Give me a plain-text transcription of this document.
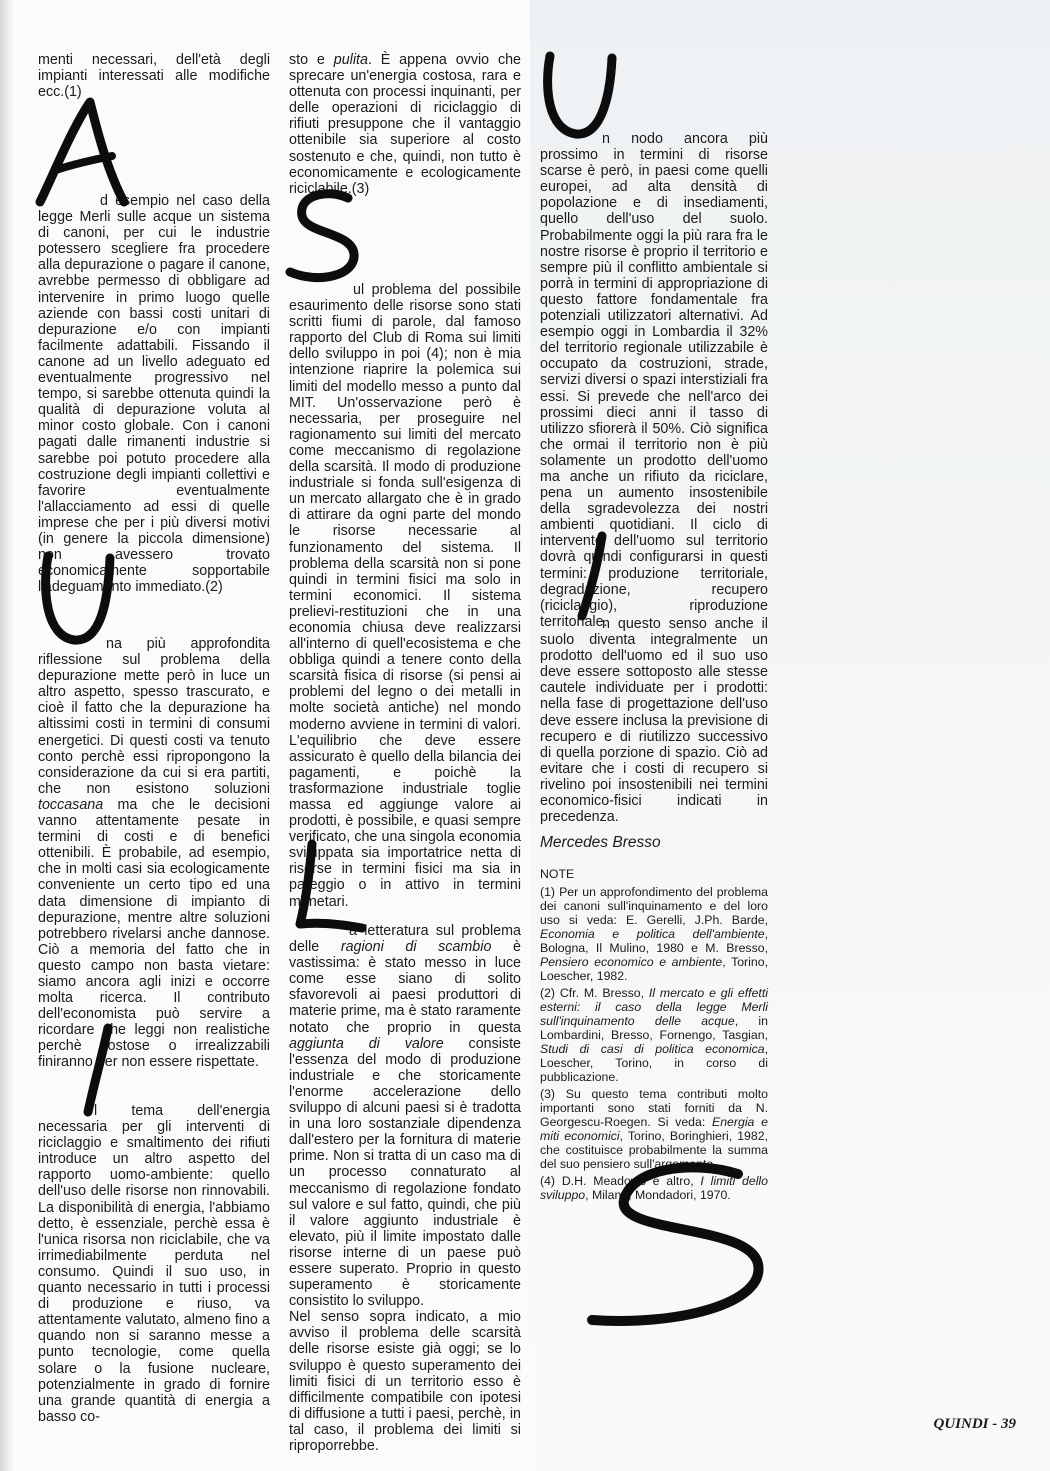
menti necessari, dell'età degli impianti interessati alle modifiche ecc.(1)

d esempio nel caso della legge Merli sulle acque un sistema di canoni, per cui le industrie potessero scegliere fra procedere alla depurazione o pagare il canone, avrebbe permesso di obbligare ad intervenire in primo luogo quelle aziende con bassi costi unitari di depurazione e/o con impianti facilmente adattabili. Fissando il canone ad un livello adeguato ed eventualmente progressivo nel tempo, si sarebbe ottenuta quindi la qualità di depurazione voluta al minor costo globale. Con i canoni pagati dalle rimanenti industrie si sarebbe poi potuto procedere alla costruzione degli impianti collettivi e favorire eventualmente l'allacciamento ad essi di quelle imprese che per i più diversi motivi (in genere la piccola dimensione) non avessero trovato economicamente sopportabile l'adeguamento immediato.(2)

na più approfondita riflessione sul problema della depurazione mette però in luce un altro aspetto, spesso trascurato, e cioè il fatto che la depurazione ha altissimi costi in termini di consumi energetici. Di questi costi va tenuto conto perchè essi ripropongono la considerazione da cui si era partiti, che non esistono soluzioni toccasana ma che le decisioni vanno attentamente pesate in termini di costi e di benefici ottenibili. È probabile, ad esempio, che in molti casi sia ecologicamente conveniente un certo tipo ed una data dimensione di impianto di depurazione, mentre altre soluzioni potrebbero rivelarsi anche dannose. Ciò a memoria del fatto che in questo campo non basta vietare: siamo ancora agli inizi e occorre molta ricerca. Il contributo dell'economista può servire a ricordare che leggi non realistiche perchè costose o irrealizzabili finiranno per non essere rispettate.

l tema dell'energia necessaria per gli interventi di riciclaggio e smaltimento dei rifiuti introduce un altro aspetto del rapporto uomo-ambiente: quello dell'uso delle risorse non rinnovabili. La disponibilità di energia, l'abbiamo detto, è essenziale, perchè essa è l'unica risorsa non riciclabile, che va irrimediabilmente perduta nel consumo. Quindi il suo uso, in quanto necessario in tutti i processi di produzione e riuso, va attentamente valutato, almeno fino a quando non si saranno messe a punto tecnologie, come quella solare o la fusione nucleare, potenzialmente in grado di fornire una grande quantità di energia a basso co-

sto e pulita. È appena ovvio che sprecare un'energia costosa, rara e ottenuta con processi inquinanti, per delle operazioni di riciclaggio di rifiuti presuppone che il vantaggio ottenibile sia superiore al costo sostenuto e che, quindi, non tutto è economicamente e ecologicamente riciclabile.(3)

ul problema del possibile esaurimento delle risorse sono stati scritti fiumi di parole, dal famoso rapporto del Club di Roma sui limiti dello sviluppo in poi (4); non è mia intenzione riaprire la polemica sui limiti del modello messo a punto dal MIT. Un'osservazione però è necessaria, per proseguire nel ragionamento sui limiti del mercato come meccanismo di regolazione della scarsità. Il modo di produzione industriale si fonda sull'esigenza di un mercato allargato che è in grado di attirare da ogni parte del mondo le risorse necessarie al funzionamento del sistema. Il problema della scarsità non si pone quindi in termini fisici ma solo in termini economici. Il sistema prelievi-restituzioni che in una economia chiusa deve realizzarsi all'interno di quell'ecosistema e che obbliga quindi a tenere conto della scarsità fisica di risorse (si pensi ai problemi del legno o dei metalli in molte società antiche) nel mondo moderno avviene in termini di valori. L'equilibrio che deve essere assicurato è quello della bilancia dei pagamenti, e poichè la trasformazione industriale toglie massa ed aggiunge valore ai prodotti, è possibile, e quasi sempre verificato, che una singola economia sviluppata sia importatrice netta di risorse in termini fisici ma sia in pareggio o in attivo in termini monetari.

a letteratura sul problema delle ragioni di scambio è vastissima: è stato messo in luce come esse siano di solito sfavorevoli ai paesi produttori di materie prime, ma è stato raramente notato che proprio in questa aggiunta di valore consiste l'essenza del modo di produzione industriale e che storicamente l'enorme accelerazione dello sviluppo di alcuni paesi si è tradotta in una loro sostanziale dipendenza dall'estero per la fornitura di materie prime. Non si tratta di un caso ma di un processo connaturato al meccanismo di regolazione fondato sul valore e sul fatto, quindi, che più il valore aggiunto industriale è elevato, più il limite impostato dalle risorse interne di un paese può essere superato. Proprio in questo superamento è storicamente consistito lo sviluppo.

Nel senso sopra indicato, a mio avviso il problema delle scarsità delle risorse esiste già oggi; se lo sviluppo è questo superamento dei limiti fisici di un territorio esso è difficilmente compatibile con ipotesi di diffusione a tutti i paesi, perchè, in tal caso, il problema dei limiti si riproporrebbe.

n nodo ancora più prossimo in termini di risorse scarse è però, in paesi come quelli europei, ad alta densità di popolazione e di insediamenti, quello dell'uso del suolo. Probabilmente oggi la più rara fra le nostre risorse è proprio il territorio e sempre più il conflitto ambientale si porrà in termini di appropriazione di questo fattore fondamentale fra potenziali utilizzatori alternativi. Ad esempio oggi in Lombardia il 32% del territorio regionale utilizzabile è occupato da costruzioni, strade, servizi diversi o spazi interstiziali fra essi. Si prevede che nell'arco dei prossimi dieci anni il tasso di utilizzo sfiorerà il 50%. Ciò significa che ormai il territorio non è più solamente un prodotto dell'uomo ma anche un rifiuto da riciclare, pena un aumento insostenibile della sgradevolezza dei nostri ambienti quotidiani. Il ciclo di intervento dell'uomo sul territorio dovrà quindi configurarsi in questi termini: produzione territoriale, degradazione, recupero (riciclaggio), riproduzione territoriale.

n questo senso anche il suolo diventa integralmente un prodotto dell'uomo ed il suo uso deve essere sottoposto alle stesse cautele individuate per i prodotti: nella fase di progettazione dell'uso deve essere inclusa la previsione di recupero e di riutilizzo successivo di quella porzione di spazio. Ciò ad evitare che i costi di recupero si rivelino poi insostenibili nei termini economico-fisici indicati in precedenza.

Mercedes Bresso
NOTE
(1) Per un approfondimento del problema dei canoni sull'inquinamento e del loro uso si veda: E. Gerelli, J.Ph. Barde, Economia e politica dell'ambiente, Bologna, Il Mulino, 1980 e M. Bresso, Pensiero economico e ambiente, Torino, Loescher, 1982.
(2) Cfr. M. Bresso, Il mercato e gli effetti esterni: il caso della legge Merli sull'inquinamento delle acque, in Lombardini, Bresso, Fornengo, Tasgian, Studi di casi di politica economica, Loescher, Torino, in corso di pubblicazione.
(3) Su questo tema contributi molto importanti sono stati forniti da N. Georgescu-Roegen. Si veda: Energia e miti economici, Torino, Boringhieri, 1982, che costituisce probabilmente la summa del suo pensiero sull'argomento.
(4) D.H. Meadows e altro, I limiti dello sviluppo, Milano, Mondadori, 1970.
QUINDI - 39
